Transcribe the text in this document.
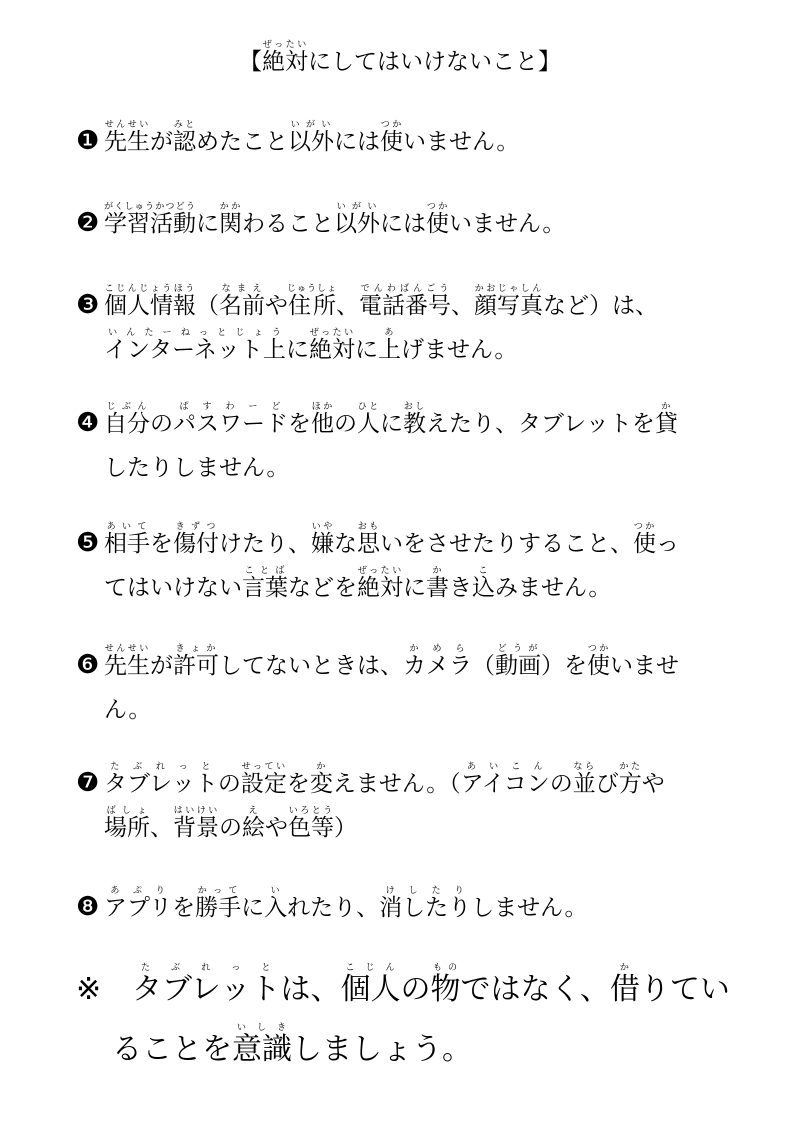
【絶対ぜったいにしてはいけないこと】
❶ 先生せんせいが認みとめたこと以外いがいには使つかいません。
❷ 学習活動がくしゅうかつどうに関かかわること以外いがいには使つかいません。
❸ 個人情報こじんじょうほう（名前なまえや住所じゅうしょ、電話番号でんわばんごう、顔写真かおじゃしんなど）は、
インターネット上いんたーねっとじょうに絶対ぜったいに上あげません。
❹ 自分じぶんのパスワードぱすわーどを他ほかの人ひとに教おしえたり、タブレットを貸か
したりしません。
❺ 相手あいてを傷付きずつけたり、嫌いやな思おもいをさせたりすること、使つかっ
てはいけない言葉ことばなどを絶対ぜったいに書かき込こみません。
❻ 先生せんせいが許可きょかしてないときは、カメラかめら（動画どうが）を使つかいませ
ん。
❼ タブレットたぶれっとの設定せっていを変かえません。（アイコンあいこんの並ならび方かたや
場所ばしょ、背景はいけいの絵えや色等いろとう）
❽ アプリあぷりを勝手かってに入いれたり、消したりけしたりしません。
※ タブレットたぶれっとは、個人こじんの物ものではなく、借かりてい
ることを意識いしきしましょう。
